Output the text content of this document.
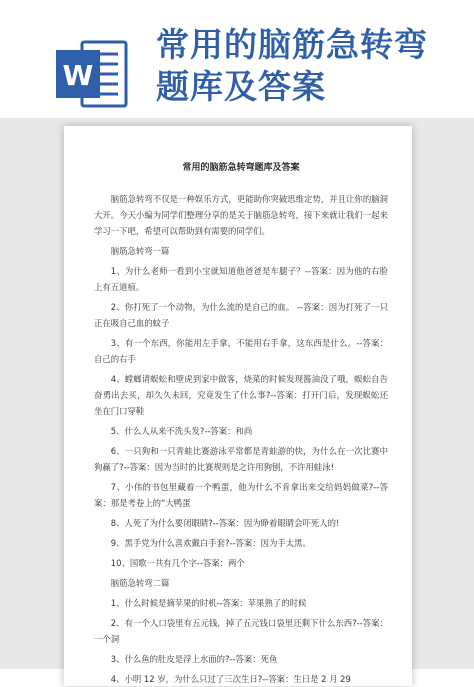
W
常用的脑筋急转弯题库及答案
常用的脑筋急转弯题库及答案

脑筋急转弯不仅是一种娱乐方式，更能助你突破思维定势，并且让你的脑洞大开。今天小编为同学们整理分享的是关于脑筋急转弯，接下来就让我们一起来学习一下吧，希望可以帮助到有需要的同学们。

脑筋急转弯一篇

1、为什么老师一看到小宝就知道他爸爸是车腿子？--答案：因为他的右脸上有五道痕。

2、你打死了一个动物，为什么流的是自己的血。 --答案：因为打死了一只正在吸自己血的蚊子

3、有一个东西，你能用左手拿，不能用右手拿，这东西是什么。--答案：自己的右手

4、螳螂请蜈蚣和壁虎到家中做客，烧菜的时候发现酱油没了哦，蜈蚣自告奋勇出去买，却久久未回，究竟发生了什么事?--答案：打开门后，发现蜈蚣还坐在门口穿鞋

5、什么人从来不洗头发?--答案：和尚

6、一只狗和一只青蛙比赛游泳平常都是青蛙游的快，为什么在一次比赛中狗赢了?--答案：因为当时的比赛规则是之许用狗刨，不许用蛙泳!

7、小伟的书包里藏着一个鸭蛋，他为什么不肯拿出来交给妈妈做菜?--答案：那是考卷上的“大鸭蛋

8、人死了为什么要闭眼睛?--答案：因为睁着眼睛会吓死人的!

9、黑手党为什么喜欢戴白手套?--答案：因为手太黑。

10、国歌一共有几个字--答案：两个

脑筋急转弯二篇

1、什么时候是摘苹果的时机--答案：苹果熟了的时候

2、有一个人口袋里有五元钱，掉了五元钱口袋里还剩下什么东西?--答案：一个洞

3、什么鱼的肚皮是浮上水面的?--答案：死鱼

4、小明 12 岁，为什么只过了三次生日?--答案：生日是 2 月 29
